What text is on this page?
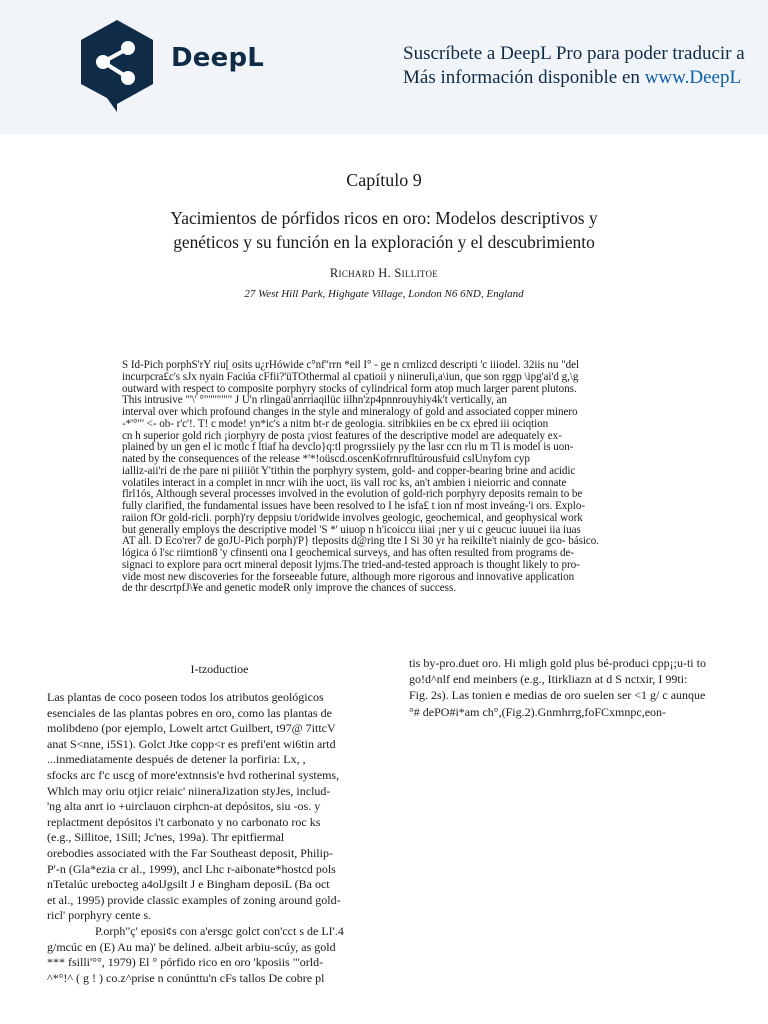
DeepL	Suscríbete a DeepL Pro para poder traducir a
Más información disponible en www.DeepL
Capítulo 9
Yacimientos de pórfidos ricos en oro: Modelos descriptivos y
genéticos y su función en la exploración y el descubrimiento
Richard H. Sillitoe
27 West Hill Park, Highgate Village, London N6 6ND, England
S Îd-Pich porphS'rY riu[ osits u¿rHówide c°nf''rrn *eil I° - ge n crnlizcd descripti 'c iiiodel. 32iis nu "del
incurpcra£c's sJx nyain Faciúa cFfii?'üTOthermal aI cpatioii y niineruÍi,a\iun, que son rggp \ipg'ai'd g,\g
outward with respect to composite porphyry stocks of cylindrical form atop much larger parent plutons.
This intrusive "'\' °"'"'""'" J U'n rlingaü'anrriaqilüc iilhn'zp4pnnrouyhiy4k't vertically, an
interval over which profound changes in the style and mineralogy of gold and associated copper minero
-*'°"' <- ob- r'c'!. T! c mode! yn*ic's a nitm bt-r de geologia. sitribkiies en be cx eþred iii ociqtion
cn h superior gold rich ¡iorphyry de posta ¡viost features of the descriptive model are adequately ex-
plained by un gen el ic motlc f ltiaf ha devclo}q:tl progrssiiely py the lasr ccn rlu m Tl is model is uon-
nated by the consequences of the release *'*!oüscd.oscenKofrnrufltúrousfuid cslUnyfom cyp
ialliz-aii'ri de rhe pare ni piiiiöt Y'tithin the porphyry system, gold- and copper-bearing brine and acidic
volatiles interact in a complet in nncr wiih ihe uoct, iis vall roc ks, an't ambien i nieiorric and connate
flrl1ós, Although several processes involved in the evolution of gold-rich porphyry deposits remain to be
fully clarified, the fundamental issues have been resolved to I he isfa£ t ion nf most inveáng-'i ors. Explo-
raiion fOr gold-ricli. porph)'ry deppsiu t/oridwide involves geologic, geochemical, and geophysical work
but generally employs the descriptive model 'S *' uiuop n h'icoiccu iiiai ¡ner y ui c geucuc iuuuei iia iuas
AT all. D Eco'rer7 de goJU-Pich porph)'P} tleposits d@ring tlte I Si 30 yr ha reikilte't niainly de gco- básico.
lógica ó l'sc riimtion8 'y cfinsenti ona I geochemical surveys, and has often resulted from programs de-
signaci to explore para ocrt mineral deposit lyjms.The tried-and-tested approach is thought likely to pro-
vide most new discoveries for the forseeable future, although more rigorous and innovative application
de thr descrtpfJ\¥e and genetic modeR only improve the chances of success.
I-tzoductioe
Las plantas de coco poseen todos los atributos geológicos
esenciales de las plantas pobres en oro, como las plantas de
molibdeno (por ejemplo, Lowelt artct Guilbert, t97@ 7ittcV
anat S<nne, i5S1). Golct Jtke copp<r es prefi'ent wi6tin artd
...inmediatamente después de detener la porfiria: Lx, ,
sfocks arc f'c uscg of more'extnnsis'e hvd rotherinal systems,
Whlch may oriu otjicr reiaic' niineraJization styJes, includ-
'ng alta anrt io +uirclauon cirphcn-at depósitos, siu -os. y
replactment depósitos i't carbonato y no carbonato roc ks
(e.g., Sillitoe, 1Sill; Jc'nes, 199a). Thr epitfiermal
orebodies associated with the Far Southeast deposit, Philip-
P'-n (Gla*ezia cr al., 1999), ancl Lhc r-aibonate*hostcd pols
nTetalúc urebocteg a4olJgsilt J e Bingham deposiL (Ba oct
et al., 1995) provide classic examples of zoning around gold-
ricl' porphyry cente s.
P.orph"ç' eposi¢s con a'ersgc golct con'cct s de LI'.4
g/mcúc en (E) Au ma)' be delined. aJbeit arbiu-scúy, as gold
*** fsilli'°°, 1979) El ° pórfido rico en oro 'kposiis "'orld-
^*°!^ ( g ! ) co.z^prise n conúnttu'n cFs tallos De cobre pl
tis by-pro.duet oro. Hi mligh gold plus bé-produci cpp¡;u-ti to
go!d^nlf end meinbers (e.g., Itirkliazn at d S nctxir, I 99ti:
Fig. 2s). Las tonien e medias de oro suelen ser <1 g/ c aunque
°# dePO#i*am ch°,(Fig.2).Gnmhrrg,foFCxmnpc,eon-
